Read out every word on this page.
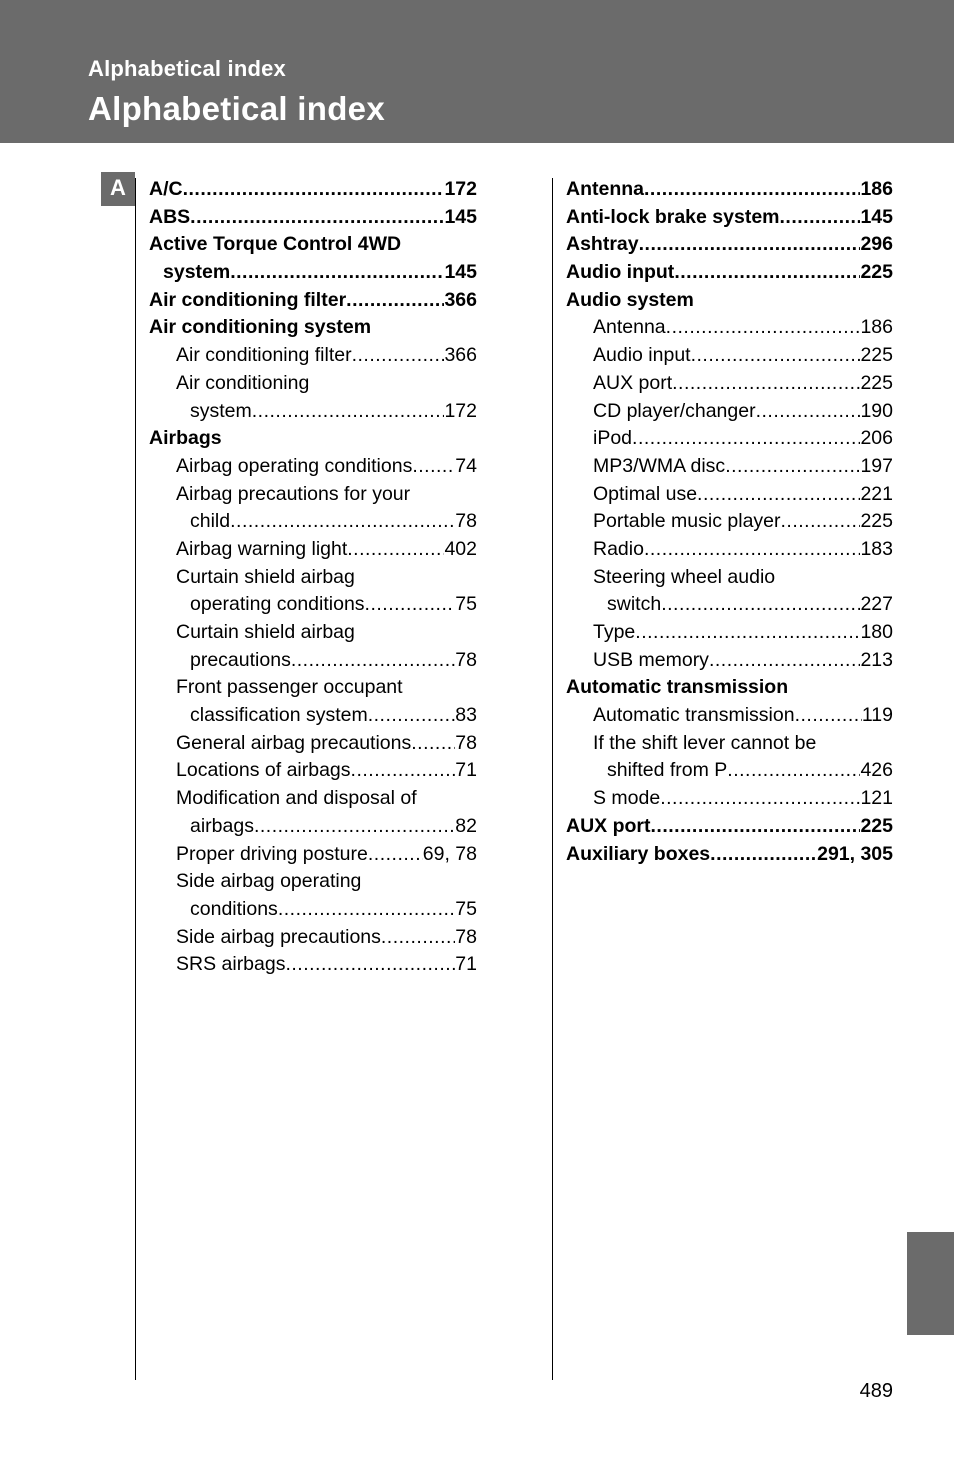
Alphabetical index
Alphabetical index
A	A/C .....	172
ABS .....	145
Active Torque Control 4WD
system .....	145
Air conditioning filter .....	366
Air conditioning system
Air conditioning filter .....	366
Air conditioning
system .....	172
Airbags
Airbag operating conditions ..... 74
Airbag precautions for your
child .....	78
Airbag warning light .....	402
Curtain shield airbag
operating conditions .....	75
Curtain shield airbag
precautions .....	78
Front passenger occupant
classification system .....	83
General airbag precautions ..... 78
Locations of airbags .....	71
Modification and disposal of
airbags .....	82
Proper driving posture .....	69, 78
Side airbag operating
conditions .....	75
Side airbag precautions .....	78
SRS airbags .....	71
Antenna .....	186
Anti-lock brake system .....	145
Ashtray .....	296
Audio input .....	225
Audio system
Antenna .....	186
Audio input .....	225
AUX port .....	225
CD player/changer .....	190
iPod .....	206
MP3/WMA disc .....	197
Optimal use .....	221
Portable music player .....	225
Radio .....	183
Steering wheel audio
switch .....	227
Type .....	180
USB memory .....	213
Automatic transmission
Automatic transmission .....	119
If the shift lever cannot be
shifted from P .....	426
S mode .....	121
AUX port .....	225
Auxiliary boxes .....	291, 305
489
